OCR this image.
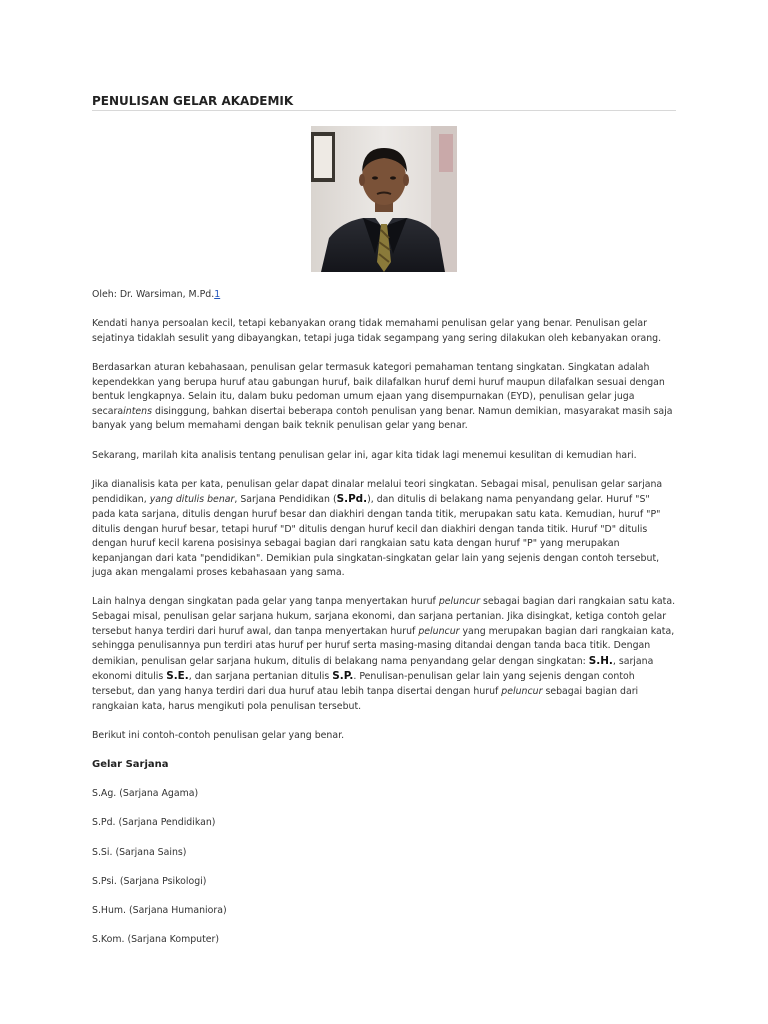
PENULISAN GELAR AKADEMIK

Oleh: Dr. Warsiman, M.Pd.1

Kendati hanya persoalan kecil, tetapi kebanyakan orang tidak memahami penulisan gelar yang benar. Penulisan gelar sejatinya tidaklah sesulit yang dibayangkan, tetapi juga tidak segampang yang sering dilakukan oleh kebanyakan orang.

Berdasarkan aturan kebahasaan, penulisan gelar termasuk kategori pemahaman tentang singkatan. Singkatan adalah kependekkan yang berupa huruf atau gabungan huruf, baik dilafalkan huruf demi huruf maupun dilafalkan sesuai dengan bentuk lengkapnya. Selain itu, dalam buku pedoman umum ejaan yang disempurnakan (EYD), penulisan gelar juga secaraintens disinggung, bahkan disertai beberapa contoh penulisan yang benar. Namun demikian, masyarakat masih saja banyak yang belum memahami dengan baik teknik penulisan gelar yang benar.

Sekarang, marilah kita analisis tentang penulisan gelar ini, agar kita tidak lagi menemui kesulitan di kemudian hari.

Jika dianalisis kata per kata, penulisan gelar dapat dinalar melalui teori singkatan. Sebagai misal, penulisan gelar sarjana pendidikan, yang ditulis benar, Sarjana Pendidikan (S.Pd.), dan ditulis di belakang nama penyandang gelar. Huruf "S" pada kata sarjana, ditulis dengan huruf besar dan diakhiri dengan tanda titik, merupakan satu kata. Kemudian, huruf "P" ditulis dengan huruf besar, tetapi huruf "D" ditulis dengan huruf kecil dan diakhiri dengan tanda titik. Huruf "D" ditulis dengan huruf kecil karena posisinya sebagai bagian dari rangkaian satu kata dengan huruf "P" yang merupakan kepanjangan dari kata "pendidikan". Demikian pula singkatan-singkatan gelar lain yang sejenis dengan contoh tersebut, juga akan mengalami proses kebahasaan yang sama.

Lain halnya dengan singkatan pada gelar yang tanpa menyertakan huruf peluncur sebagai bagian dari rangkaian satu kata. Sebagai misal, penulisan gelar sarjana hukum, sarjana ekonomi, dan sarjana pertanian. Jika disingkat, ketiga contoh gelar tersebut hanya terdiri dari huruf awal, dan tanpa menyertakan huruf peluncur yang merupakan bagian dari rangkaian kata, sehingga penulisannya pun terdiri atas huruf per huruf serta masing-masing ditandai dengan tanda baca titik. Dengan demikian, penulisan gelar sarjana hukum, ditulis di belakang nama penyandang gelar dengan singkatan: S.H., sarjana ekonomi ditulis S.E., dan sarjana pertanian ditulis S.P.. Penulisan-penulisan gelar lain yang sejenis dengan contoh tersebut, dan yang hanya terdiri dari dua huruf atau lebih tanpa disertai dengan huruf peluncur sebagai bagian dari rangkaian kata, harus mengikuti pola penulisan tersebut.

Berikut ini contoh-contoh penulisan gelar yang benar.

Gelar Sarjana

S.Ag. (Sarjana Agama)

S.Pd. (Sarjana Pendidikan)

S.Si. (Sarjana Sains)

S.Psi. (Sarjana Psikologi)

S.Hum. (Sarjana Humaniora)

S.Kom. (Sarjana Komputer)
